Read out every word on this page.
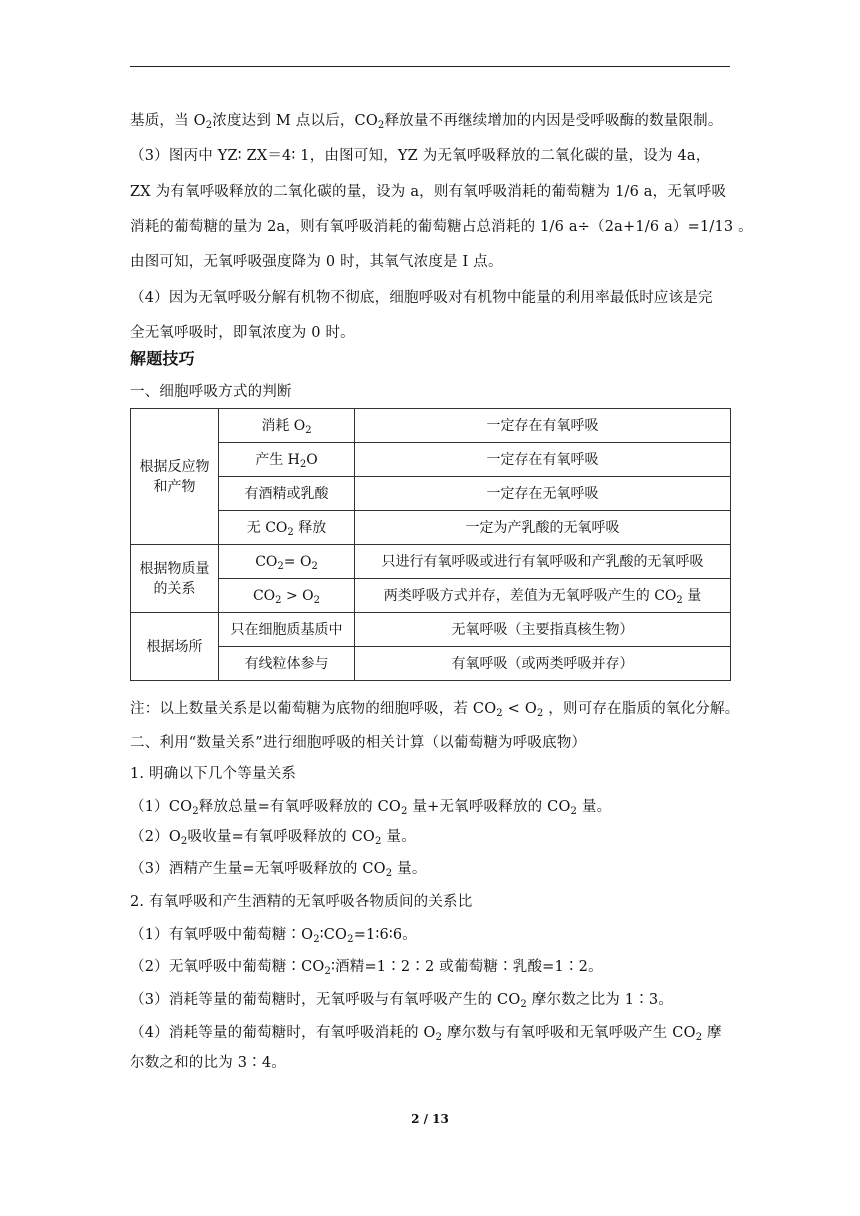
基质，当 $O_2$浓度达到 M 点以后，$CO_2$释放量不再继续增加的内因是受呼吸酶的数量限制。
（3）图丙中 YZ∶ ZX＝4∶ 1，由图可知，YZ 为无氧呼吸释放的二氧化碳的量，设为 4a，
ZX 为有氧呼吸释放的二氧化碳的量，设为 a，则有氧呼吸消耗的葡萄糖为 1/6 a，无氧呼吸
消耗的葡萄糖的量为 2a，则有氧呼吸消耗的葡萄糖占总消耗的 1/6 a÷（2a+1/6 a）=1/13 。
由图可知，无氧呼吸强度降为 0 时，其氧气浓度是 I 点。
（4）因为无氧呼吸分解有机物不彻底，细胞呼吸对有机物中能量的利用率最低时应该是完
全无氧呼吸时，即氧浓度为 0 时。
解题技巧
一、细胞呼吸方式的判断
根据反应物和产物	消耗 $O_2$	一定存在有氧呼吸
	产生 $H_2O$	一定存在有氧呼吸
	有酒精或乳酸	一定存在无氧呼吸
	无 $CO_2$ 释放	一定为产乳酸的无氧呼吸
根据物质量的关系	$CO_2= O_2$	只进行有氧呼吸或进行有氧呼吸和产乳酸的无氧呼吸
	$CO_2 > O_2$	两类呼吸方式并存，差值为无氧呼吸产生的 $CO_2$ 量
根据场所	只在细胞质基质中	无氧呼吸（主要指真核生物）
	有线粒体参与	有氧呼吸（或两类呼吸并存）
注：以上数量关系是以葡萄糖为底物的细胞呼吸，若 $CO_2 < O_2$ ，则可存在脂质的氧化分解。
二、利用“数量关系”进行细胞呼吸的相关计算（以葡萄糖为呼吸底物）
1. 明确以下几个等量关系
$(1)CO_2$释放总量=有氧呼吸释放的 $CO_2$ 量+无氧呼吸释放的 $CO_2$ 量。
$(2)O_2$吸收量=有氧呼吸释放的 $CO_2$ 量。
（3）酒精产生量=无氧呼吸释放的 $CO_2$ 量。
2. 有氧呼吸和产生酒精的无氧呼吸各物质间的关系比
（1）有氧呼吸中葡萄糖$∶O_2∶CO_2=1∶6∶6$。
（2）无氧呼吸中葡萄糖$∶CO_2∶$酒精=1∶2∶2 或葡萄糖∶乳酸=1∶2。
（3）消耗等量的葡萄糖时，无氧呼吸与有氧呼吸产生的 $CO_2$ 摩尔数之比为 1∶3。
（4）消耗等量的葡萄糖时，有氧呼吸消耗的 $O_2$ 摩尔数与有氧呼吸和无氧呼吸产生 $CO_2$ 摩
尔数之和的比为 3∶4。
2 / 13
